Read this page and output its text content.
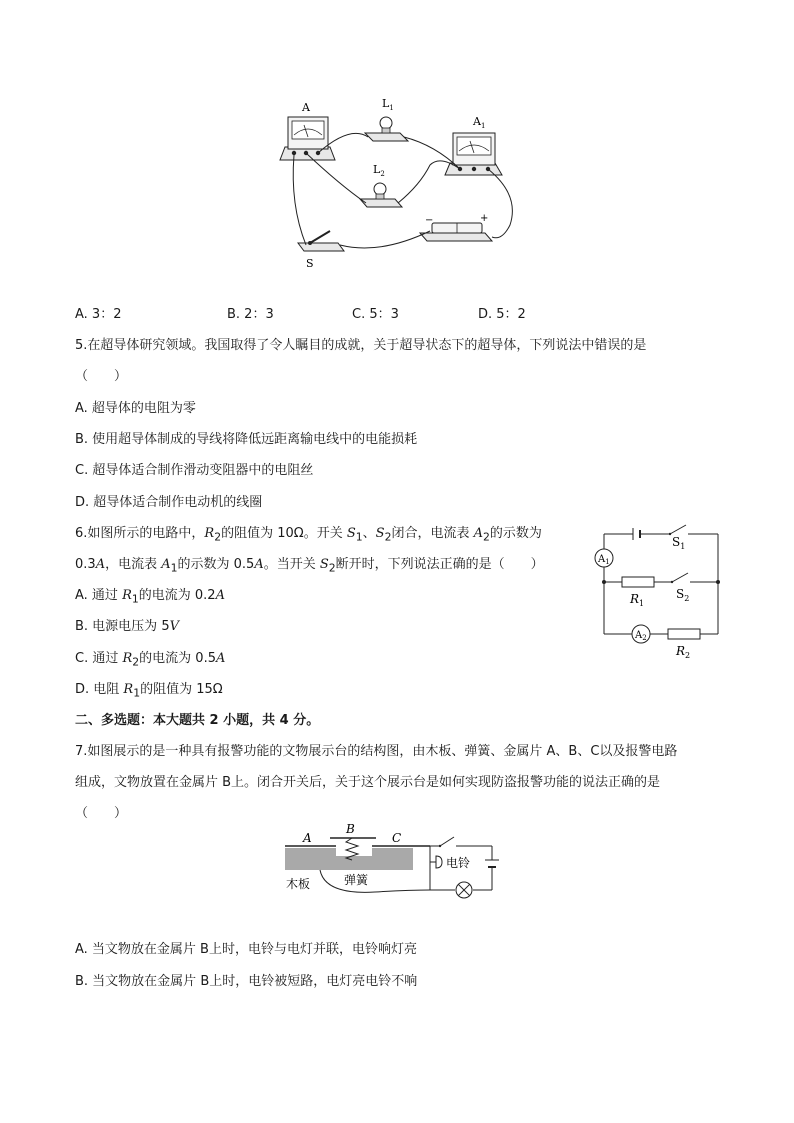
A	$L_1$
$A_1$
$L_2$
−	+
S
A. 3：2	B. 2：3	C. 5：3	D. 5：2
5.在超导体研究领域。我国取得了令人瞩目的成就，关于超导状态下的超导体，下列说法中错误的是
（　　）
A. 超导体的电阻为零
B. 使用超导体制成的导线将降低远距离输电线中的电能损耗
C. 超导体适合制作滑动变阻器中的电阻丝
D. 超导体适合制作电动机的线圈
6.如图所示的电路中，$R_2$的阻值为 10Ω。开关 $S_1$、$S_2$闭合，电流表 $A_2$的示数为
0.3A，电流表 $A_1$的示数为 0.5A。当开关 $S_2$断开时，下列说法正确的是（　　）
A. 通过 $R_1$的电流为 0.2A
B. 电源电压为 5V
C. 通过 $R_2$的电流为 0.5A
D. 电阻 $R_1$的阻值为 15Ω
$A_1$
$S_1$
$R_1$
$S_2$
$A_2$
$R_2$
二、多选题：本大题共 2 小题，共 4 分。
7.如图展示的是一种具有报警功能的文物展示台的结构图，由木板、弹簧、金属片 A、B、C以及报警电路
组成，文物放置在金属片 B上。闭合开关后，关于这个展示台是如何实现防盗报警功能的说法正确的是
（　　）
A
B
C
木板	弹簧
电铃
A. 当文物放在金属片 B上时，电铃与电灯并联，电铃响灯亮
B. 当文物放在金属片 B上时，电铃被短路，电灯亮电铃不响
